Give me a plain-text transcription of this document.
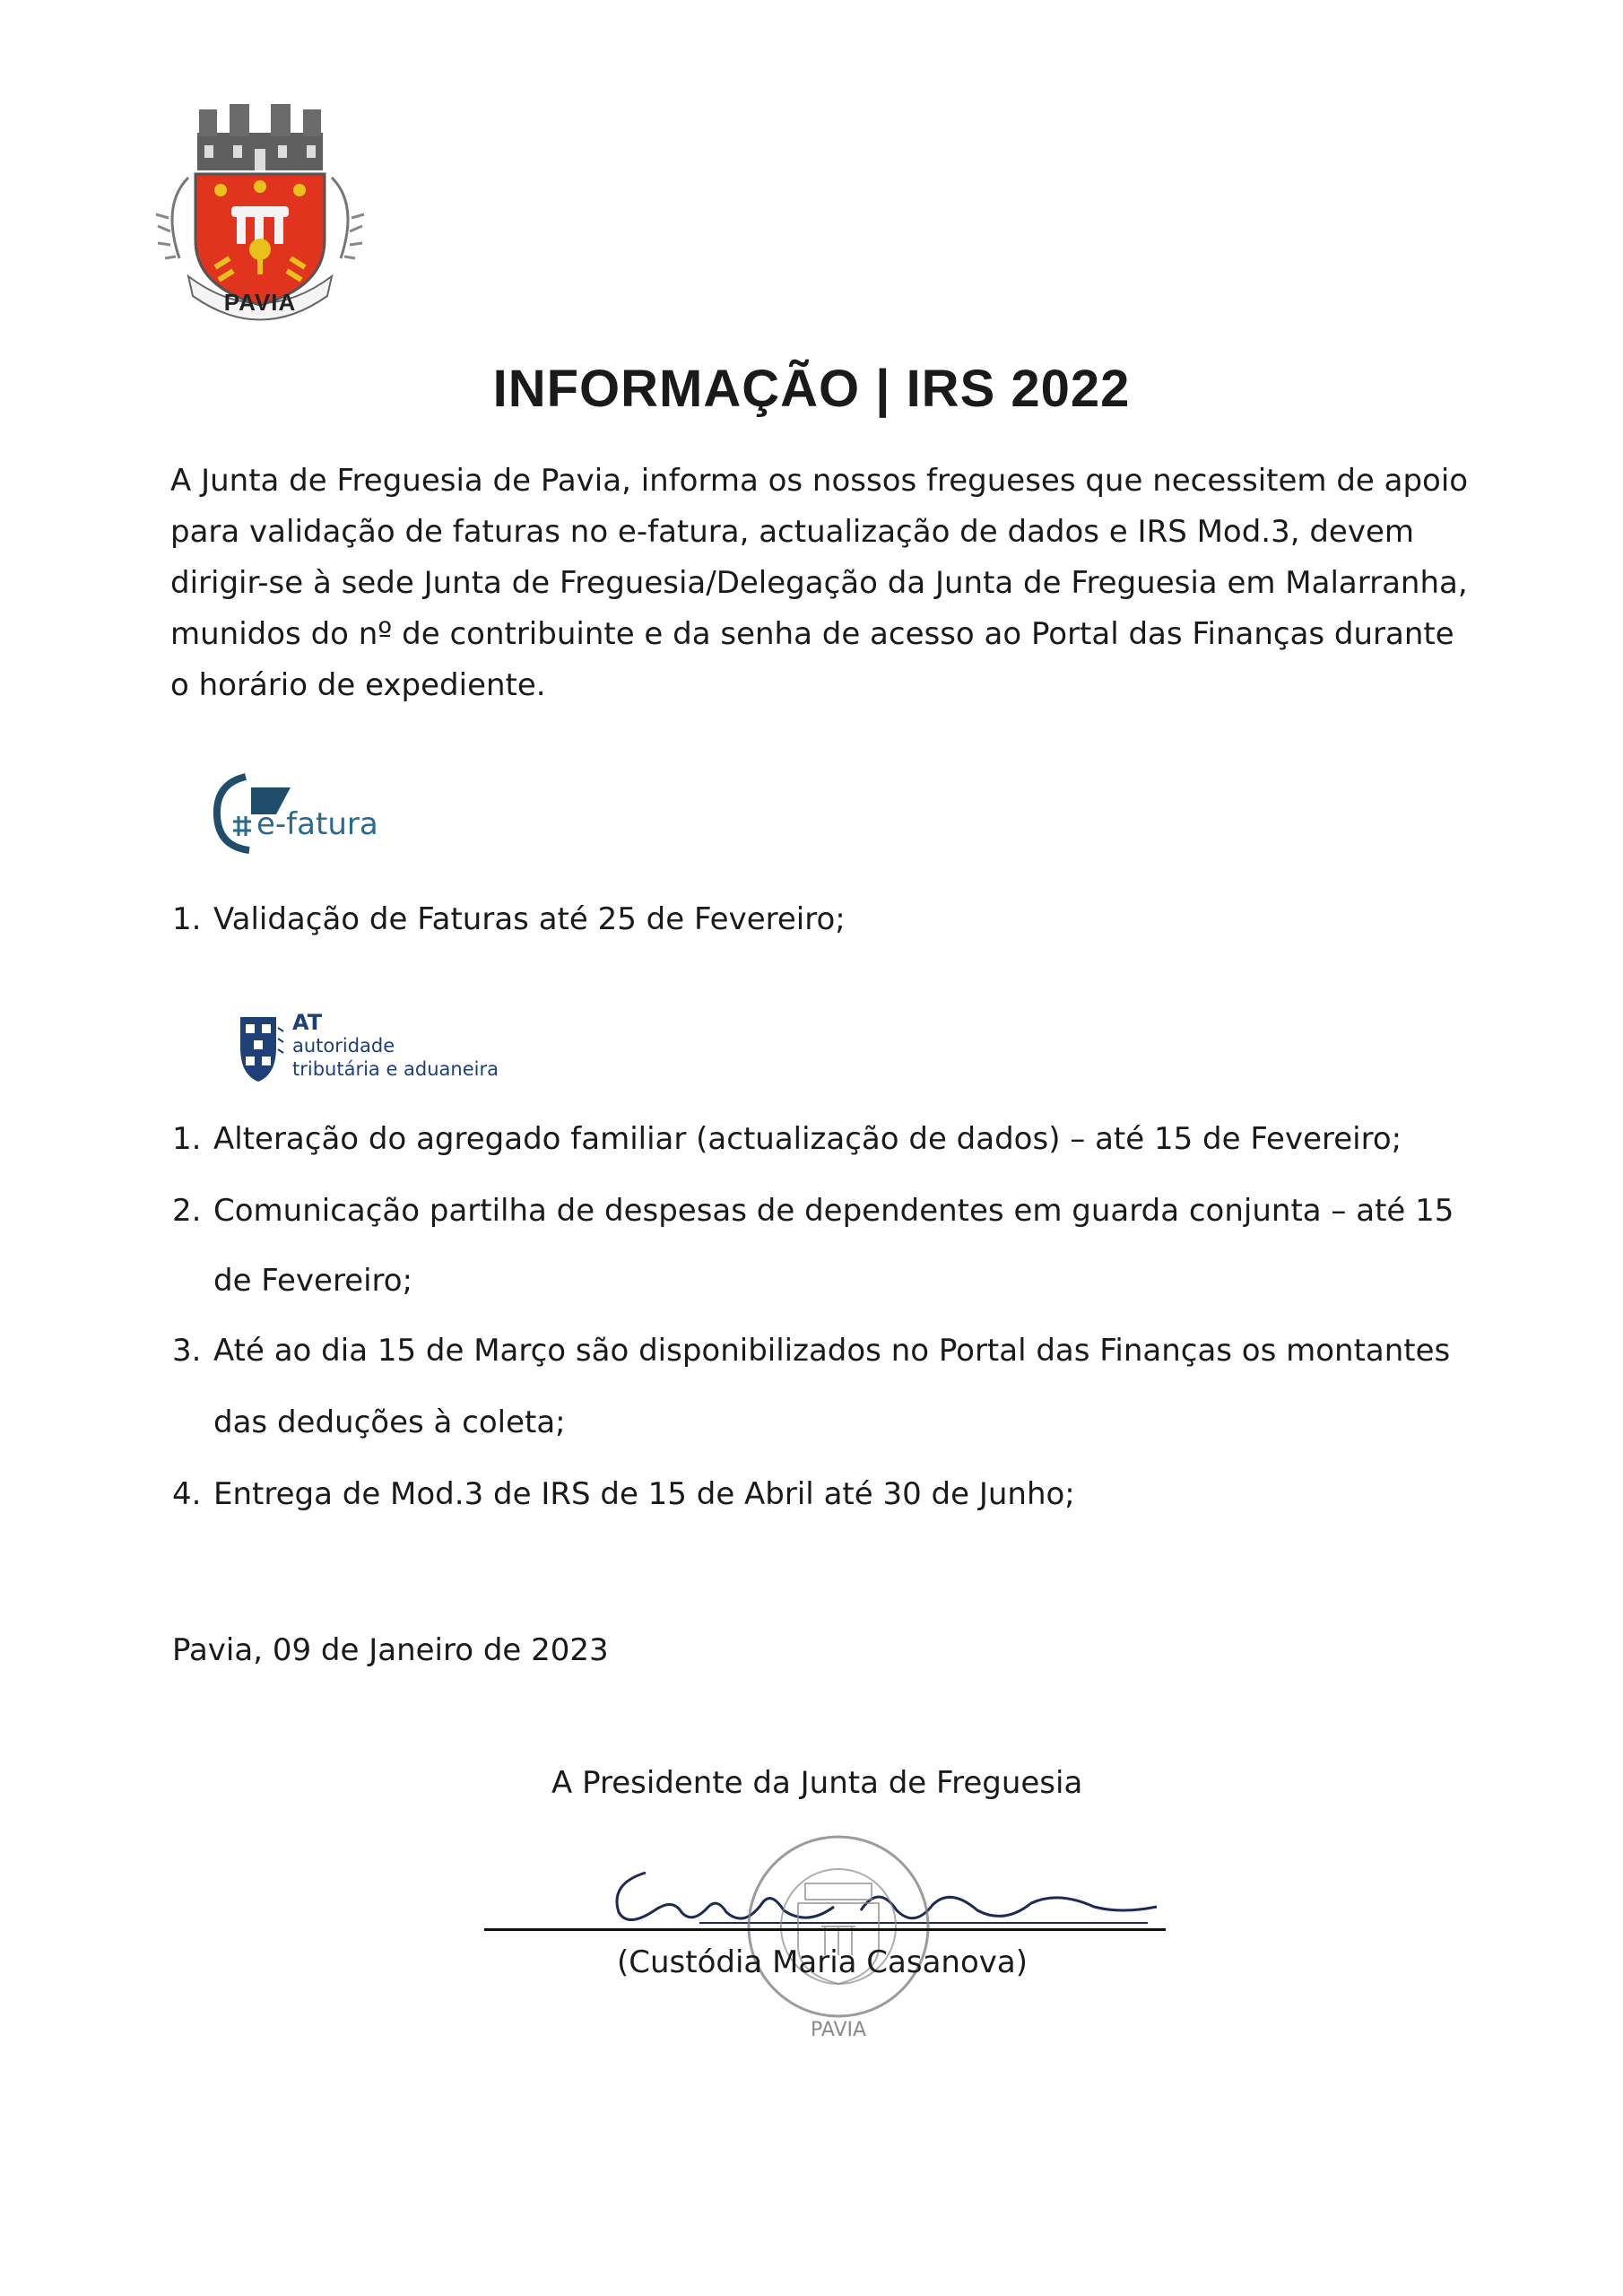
PAVIA
INFORMAÇÃO | IRS 2022
A Junta de Freguesia de Pavia, informa os nossos fregueses que necessitem de apoio
para validação de faturas no e-fatura, actualização de dados e IRS Mod.3, devem
dirigir-se à sede Junta de Freguesia/Delegação da Junta de Freguesia em Malarranha,
munidos do nº de contribuinte e da senha de acesso ao Portal das Finanças durante
o horário de expediente.
e-fatura
1. Validação de Faturas até 25 de Fevereiro;
AT
autoridade
tributária e aduaneira
1. Alteração do agregado familiar (actualização de dados) – até 15 de Fevereiro;
2. Comunicação partilha de despesas de dependentes em guarda conjunta – até 15
de Fevereiro;
3. Até ao dia 15 de Março são disponibilizados no Portal das Finanças os montantes
das deduções à coleta;
4. Entrega de Mod.3 de IRS de 15 de Abril até 30 de Junho;
Pavia, 09 de Janeiro de 2023
A Presidente da Junta de Freguesia
PAVIA
(Custódia Maria Casanova)
